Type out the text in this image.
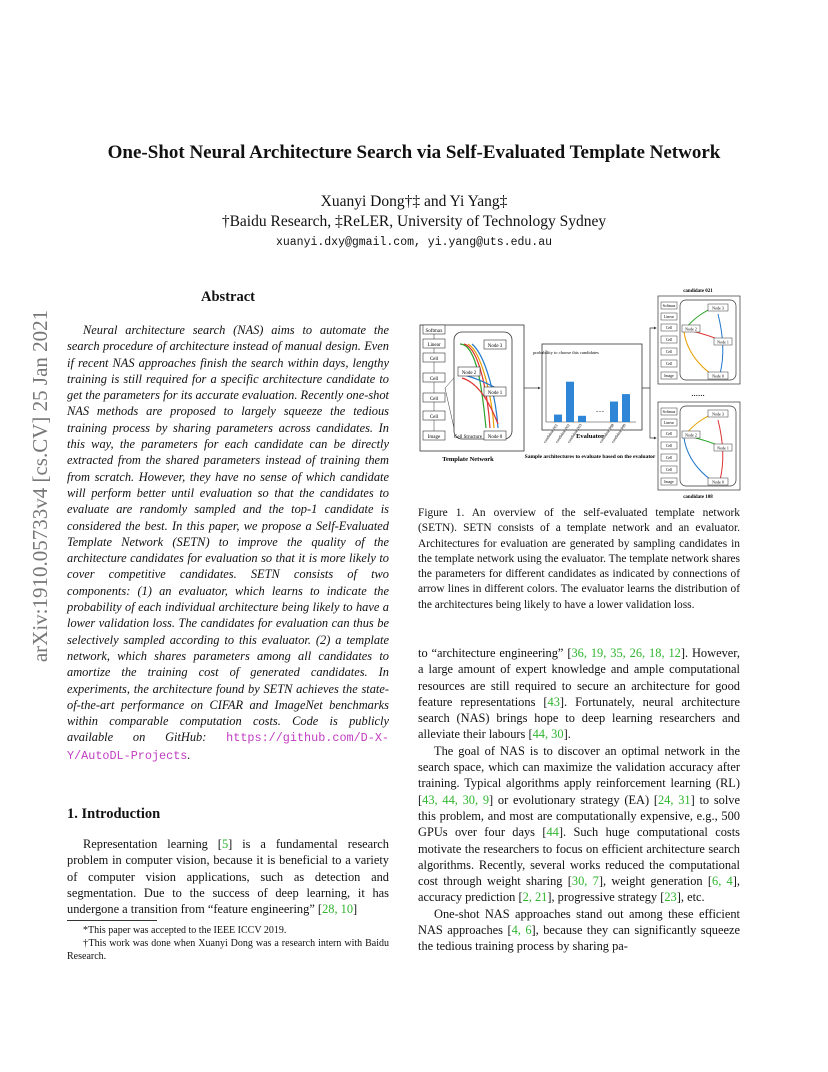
One-Shot Neural Architecture Search via Self-Evaluated Template Network
Xuanyi Dong†‡ and Yi Yang‡
†Baidu Research, ‡ReLER, University of Technology Sydney
xuanyi.dxy@gmail.com, yi.yang@uts.edu.au
arXiv:1910.05733v4 [cs.CV] 25 Jan 2021
Abstract
Neural architecture search (NAS) aims to automate the search procedure of architecture instead of manual design. Even if recent NAS approaches finish the search within days, lengthy training is still required for a specific architecture candidate to get the parameters for its accurate evaluation. Recently one-shot NAS methods are proposed to largely squeeze the tedious training process by sharing parameters across candidates. In this way, the parameters for each candidate can be directly extracted from the shared parameters instead of training them from scratch. However, they have no sense of which candidate will perform better until evaluation so that the candidates to evaluate are randomly sampled and the top-1 candidate is considered the best. In this paper, we propose a Self-Evaluated Template Network (SETN) to improve the quality of the architecture candidates for evaluation so that it is more likely to cover competitive candidates. SETN consists of two components: (1) an evaluator, which learns to indicate the probability of each individual architecture being likely to have a lower validation loss. The candidates for evaluation can thus be selectively sampled according to this evaluator. (2) a template network, which shares parameters among all candidates to amortize the training cost of generated candidates. In experiments, the architecture found by SETN achieves the state-of-the-art performance on CIFAR and ImageNet benchmarks within comparable computation costs. Code is publicly available on GitHub: https://github.com/D-X-Y/AutoDL-Projects.
1. Introduction
Representation learning [5] is a fundamental research problem in computer vision, because it is beneficial to a variety of computer vision applications, such as detection and segmentation. Due to the success of deep learning, it has undergone a transition from “feature engineering” [28, 10]

*This paper was accepted to the IEEE ICCV 2019.

†This work was done when Xuanyi Dong was a research intern with Baidu Research.

Softmax
Linear
Cell
Cell
Cell
Cell
Image
Node 3
Node 2
Node 1
Node 0
Cell Structure
Template Network
probability to choose this candidates
candidate 001
candidate 002
candidate 003	candidate 998
candidate 999
......
Evaluator
Sample architectures to evaluate based on the evaluator
candidate 021
Softmax
Linear
Cell
Cell
Cell
Cell
Image
Node 3
Node 2
Node 1
Node 0
......
Softmax
Linear
Cell
Cell
Cell
Cell
Image
Node 3
Node 2
Node 1
Node 0
candidate 108
Figure 1. An overview of the self-evaluated template network (SETN). SETN consists of a template network and an evaluator. Architectures for evaluation are generated by sampling candidates in the template network using the evaluator. The template network shares the parameters for different candidates as indicated by connections of arrow lines in different colors. The evaluator learns the distribution of the architectures being likely to have a lower validation loss.

to “architecture engineering” [36, 19, 35, 26, 18, 12]. However, a large amount of expert knowledge and ample computational resources are still required to secure an architecture for good feature representations [43]. Fortunately, neural architecture search (NAS) brings hope to deep learning researchers and alleviate their labours [44, 30].

The goal of NAS is to discover an optimal network in the search space, which can maximize the validation accuracy after training. Typical algorithms apply reinforcement learning (RL) [43, 44, 30, 9] or evolutionary strategy (EA) [24, 31] to solve this problem, and most are computationally expensive, e.g., 500 GPUs over four days [44]. Such huge computational costs motivate the researchers to focus on efficient architecture search algorithms. Recently, several works reduced the computational cost through weight sharing [30, 7], weight generation [6, 4], accuracy prediction [2, 21], progressive strategy [23], etc.

One-shot NAS approaches stand out among these efficient NAS approaches [4, 6], because they can significantly squeeze the tedious training process by sharing pa-
